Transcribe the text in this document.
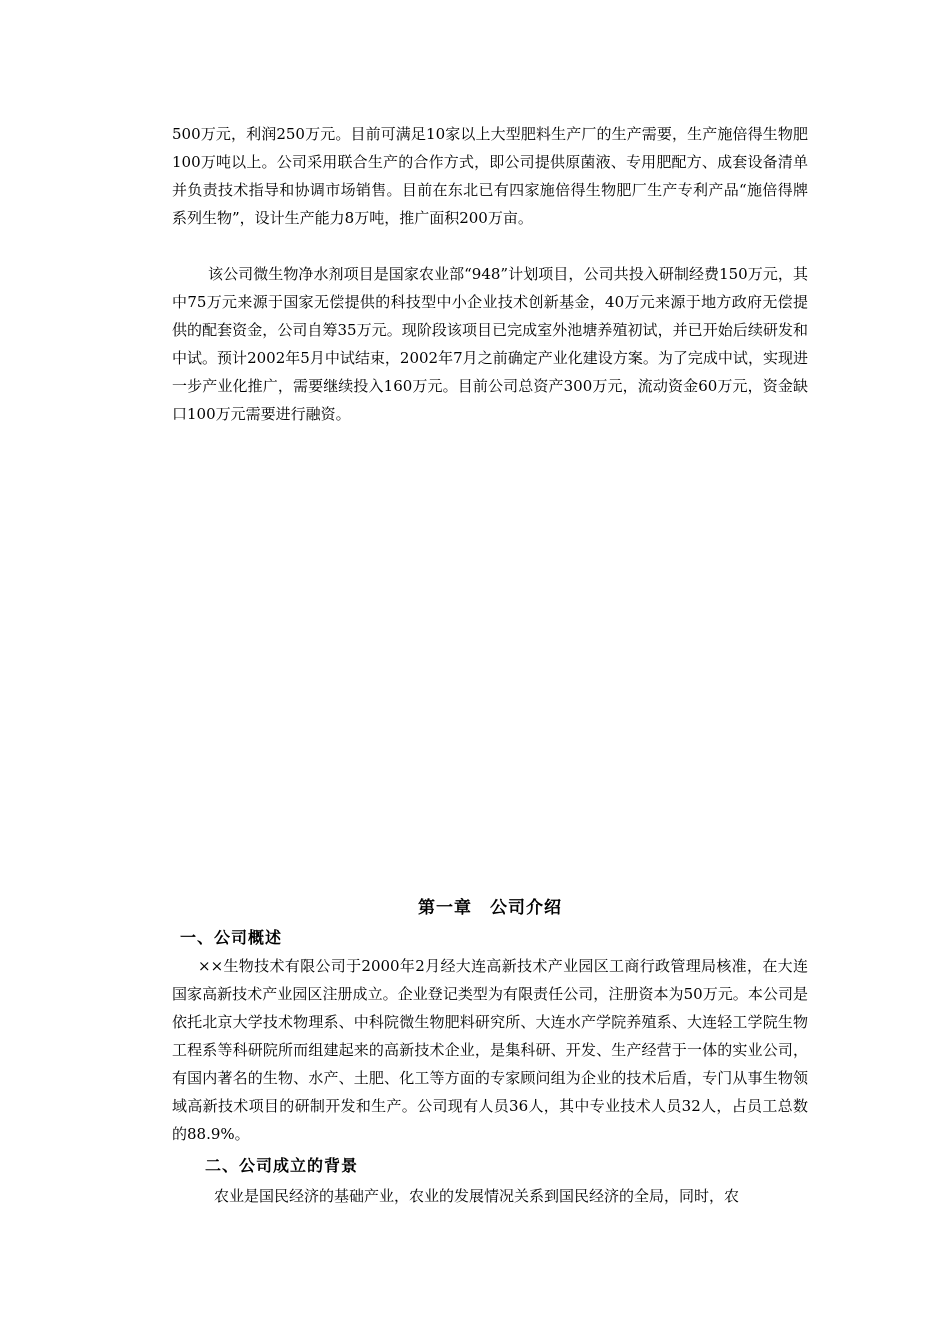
500万元，利润250万元。目前可满足10家以上大型肥料生产厂的生产需要，生产施倍得生物肥100万吨以上。公司采用联合生产的合作方式，即公司提供原菌液、专用肥配方、成套设备清单并负责技术指导和协调市场销售。目前在东北已有四家施倍得生物肥厂生产专利产品“施倍得牌系列生物”，设计生产能力8万吨，推广面积200万亩。

该公司微生物净水剂项目是国家农业部“948”计划项目，公司共投入研制经费150万元，其中75万元来源于国家无偿提供的科技型中小企业技术创新基金，40万元来源于地方政府无偿提供的配套资金，公司自筹35万元。现阶段该项目已完成室外池塘养殖初试，并已开始后续研发和中试。预计2002年5月中试结束，2002年7月之前确定产业化建设方案。为了完成中试，实现进一步产业化推广，需要继续投入160万元。目前公司总资产300万元，流动资金60万元，资金缺口100万元需要进行融资。

第一章　公司介绍
一、公司概述

××生物技术有限公司于2000年2月经大连高新技术产业园区工商行政管理局核准，在大连国家高新技术产业园区注册成立。企业登记类型为有限责任公司，注册资本为50万元。本公司是依托北京大学技术物理系、中科院微生物肥料研究所、大连水产学院养殖系、大连轻工学院生物工程系等科研院所而组建起来的高新技术企业，是集科研、开发、生产经营于一体的实业公司，有国内著名的生物、水产、土肥、化工等方面的专家顾问组为企业的技术后盾，专门从事生物领域高新技术项目的研制开发和生产。公司现有人员36人，其中专业技术人员32人，占员工总数的88.9%。

二、公司成立的背景

农业是国民经济的基础产业，农业的发展情况关系到国民经济的全局，同时，农
